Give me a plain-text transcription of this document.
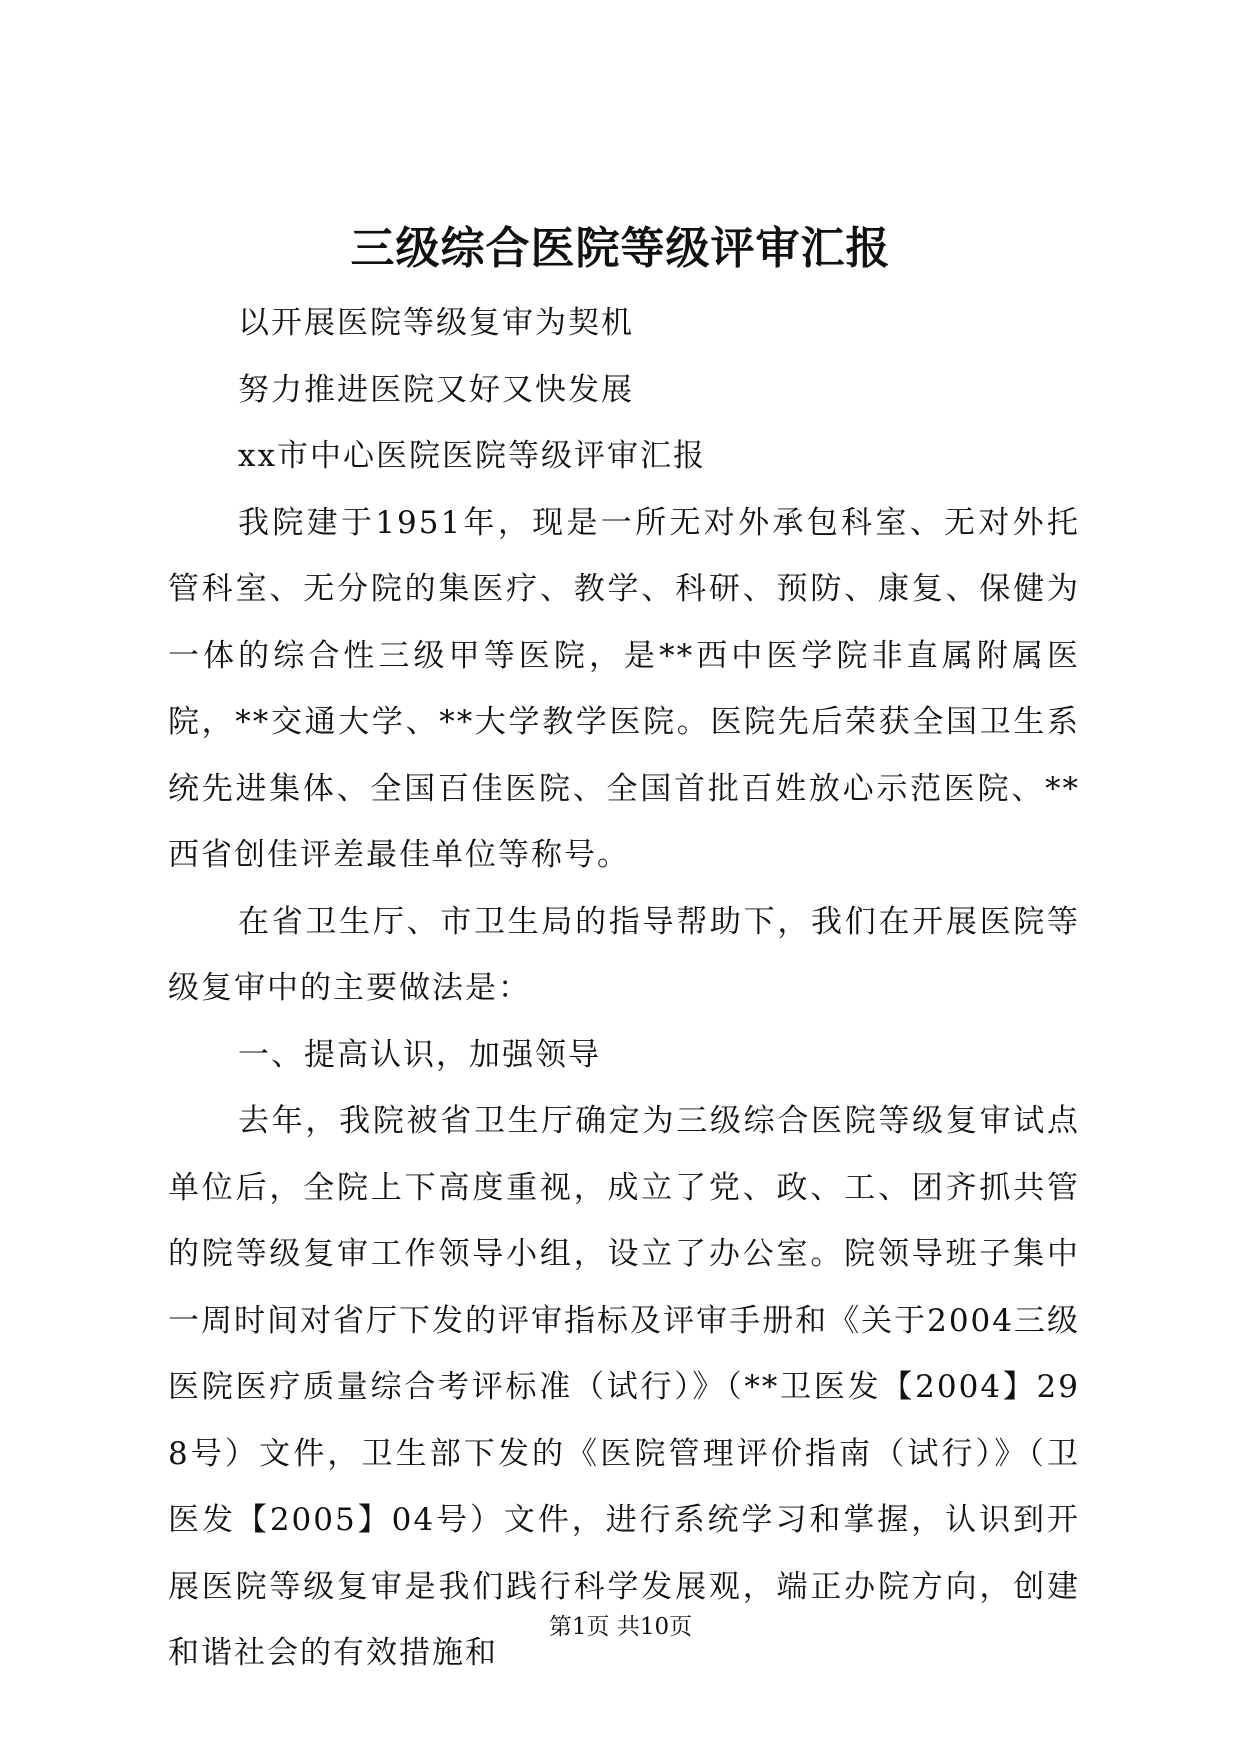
三级综合医院等级评审汇报

以开展医院等级复审为契机

努力推进医院又好又快发展

xx市中心医院医院等级评审汇报

我院建于1951年，现是一所无对外承包科室、无对外托管科室、无分院的集医疗、教学、科研、预防、康复、保健为一体的综合性三级甲等医院，是**西中医学院非直属附属医院，**交通大学、**大学教学医院。医院先后荣获全国卫生系统先进集体、全国百佳医院、全国首批百姓放心示范医院、**西省创佳评差最佳单位等称号。

在省卫生厅、市卫生局的指导帮助下，我们在开展医院等级复审中的主要做法是：

一、提高认识，加强领导

去年，我院被省卫生厅确定为三级综合医院等级复审试点单位后，全院上下高度重视，成立了党、政、工、团齐抓共管的院等级复审工作领导小组，设立了办公室。院领导班子集中一周时间对省厅下发的评审指标及评审手册和《关于2004三级医院医疗质量综合考评标准（试行）》（**卫医发【2004】298号）文件，卫生部下发的《医院管理评价指南（试行）》（卫医发【2005】04号）文件，进行系统学习和掌握，认识到开展医院等级复审是我们践行科学发展观，端正办院方向，创建和谐社会的有效措施和

第1页 共10页
